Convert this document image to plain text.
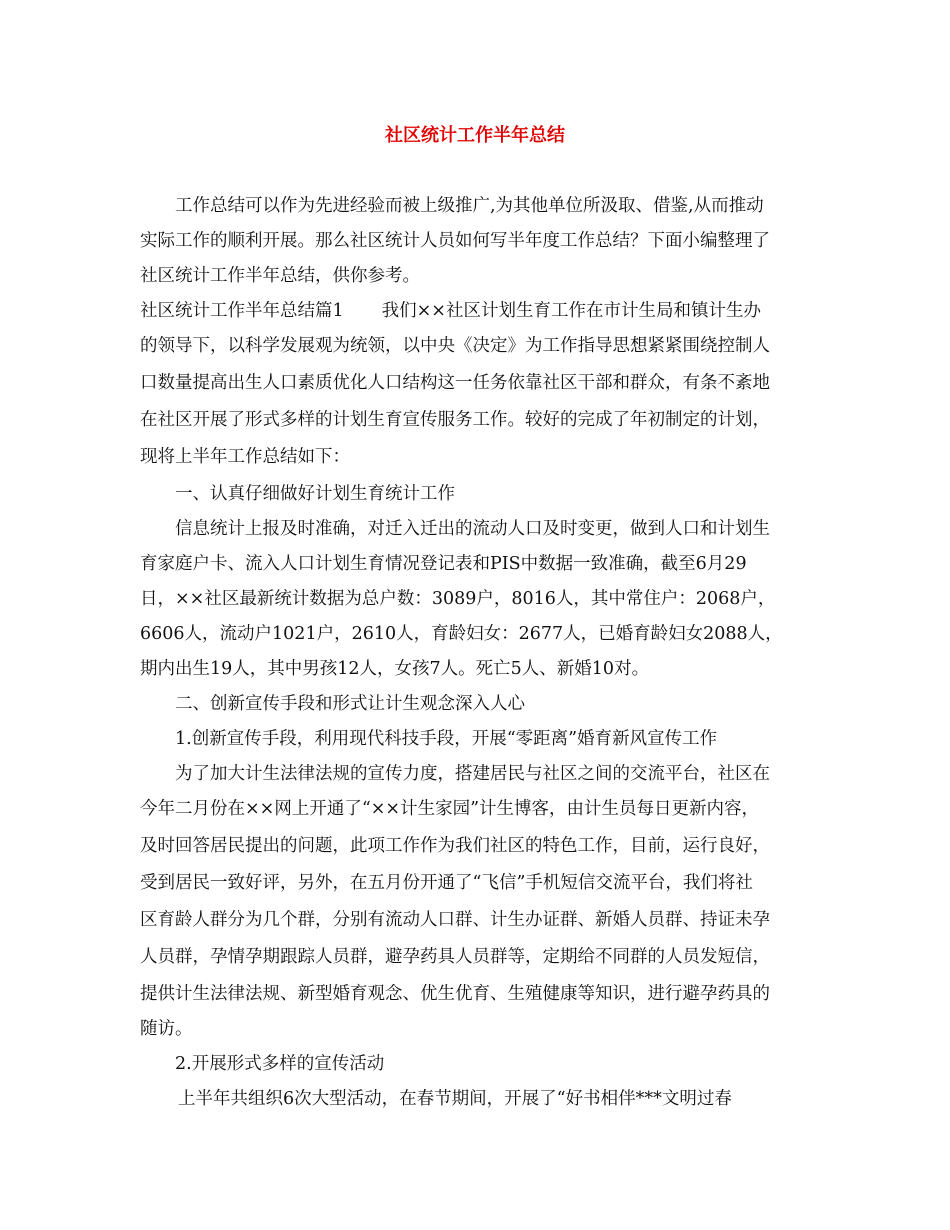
社区统计工作半年总结

工作总结可以作为先进经验而被上级推广,为其他单位所汲取、借鉴,从而推动

实际工作的顺利开展。那么社区统计人员如何写半年度工作总结？下面小编整理了

社区统计工作半年总结，供你参考。

社区统计工作半年总结篇1 我们××社区计划生育工作在市计生局和镇计生办

的领导下，以科学发展观为统领，以中央《决定》为工作指导思想紧紧围绕控制人

口数量提高出生人口素质优化人口结构这一任务依靠社区干部和群众，有条不紊地

在社区开展了形式多样的计划生育宣传服务工作。较好的完成了年初制定的计划，

现将上半年工作总结如下：

一、认真仔细做好计划生育统计工作

信息统计上报及时准确，对迁入迁出的流动人口及时变更，做到人口和计划生

育家庭户卡、流入人口计划生育情况登记表和PIS中数据一致准确，截至6月29

日，××社区最新统计数据为总户数：3089户，8016人，其中常住户：2068户，

6606人，流动户1021户，2610人，育龄妇女：2677人，已婚育龄妇女2088人，

期内出生19人，其中男孩12人，女孩7人。死亡5人、新婚10对。

二、创新宣传手段和形式让计生观念深入人心

1.创新宣传手段，利用现代科技手段，开展“零距离”婚育新风宣传工作

为了加大计生法律法规的宣传力度，搭建居民与社区之间的交流平台，社区在

今年二月份在××网上开通了“××计生家园”计生博客，由计生员每日更新内容，

及时回答居民提出的问题，此项工作作为我们社区的特色工作，目前，运行良好，

受到居民一致好评，另外，在五月份开通了“飞信”手机短信交流平台，我们将社

区育龄人群分为几个群，分别有流动人口群、计生办证群、新婚人员群、持证未孕

人员群，孕情孕期跟踪人员群，避孕药具人员群等，定期给不同群的人员发短信，

提供计生法律法规、新型婚育观念、优生优育、生殖健康等知识，进行避孕药具的

随访。

2.开展形式多样的宣传活动

上半年共组织6次大型活动，在春节期间，开展了“好书相伴***文明过春
